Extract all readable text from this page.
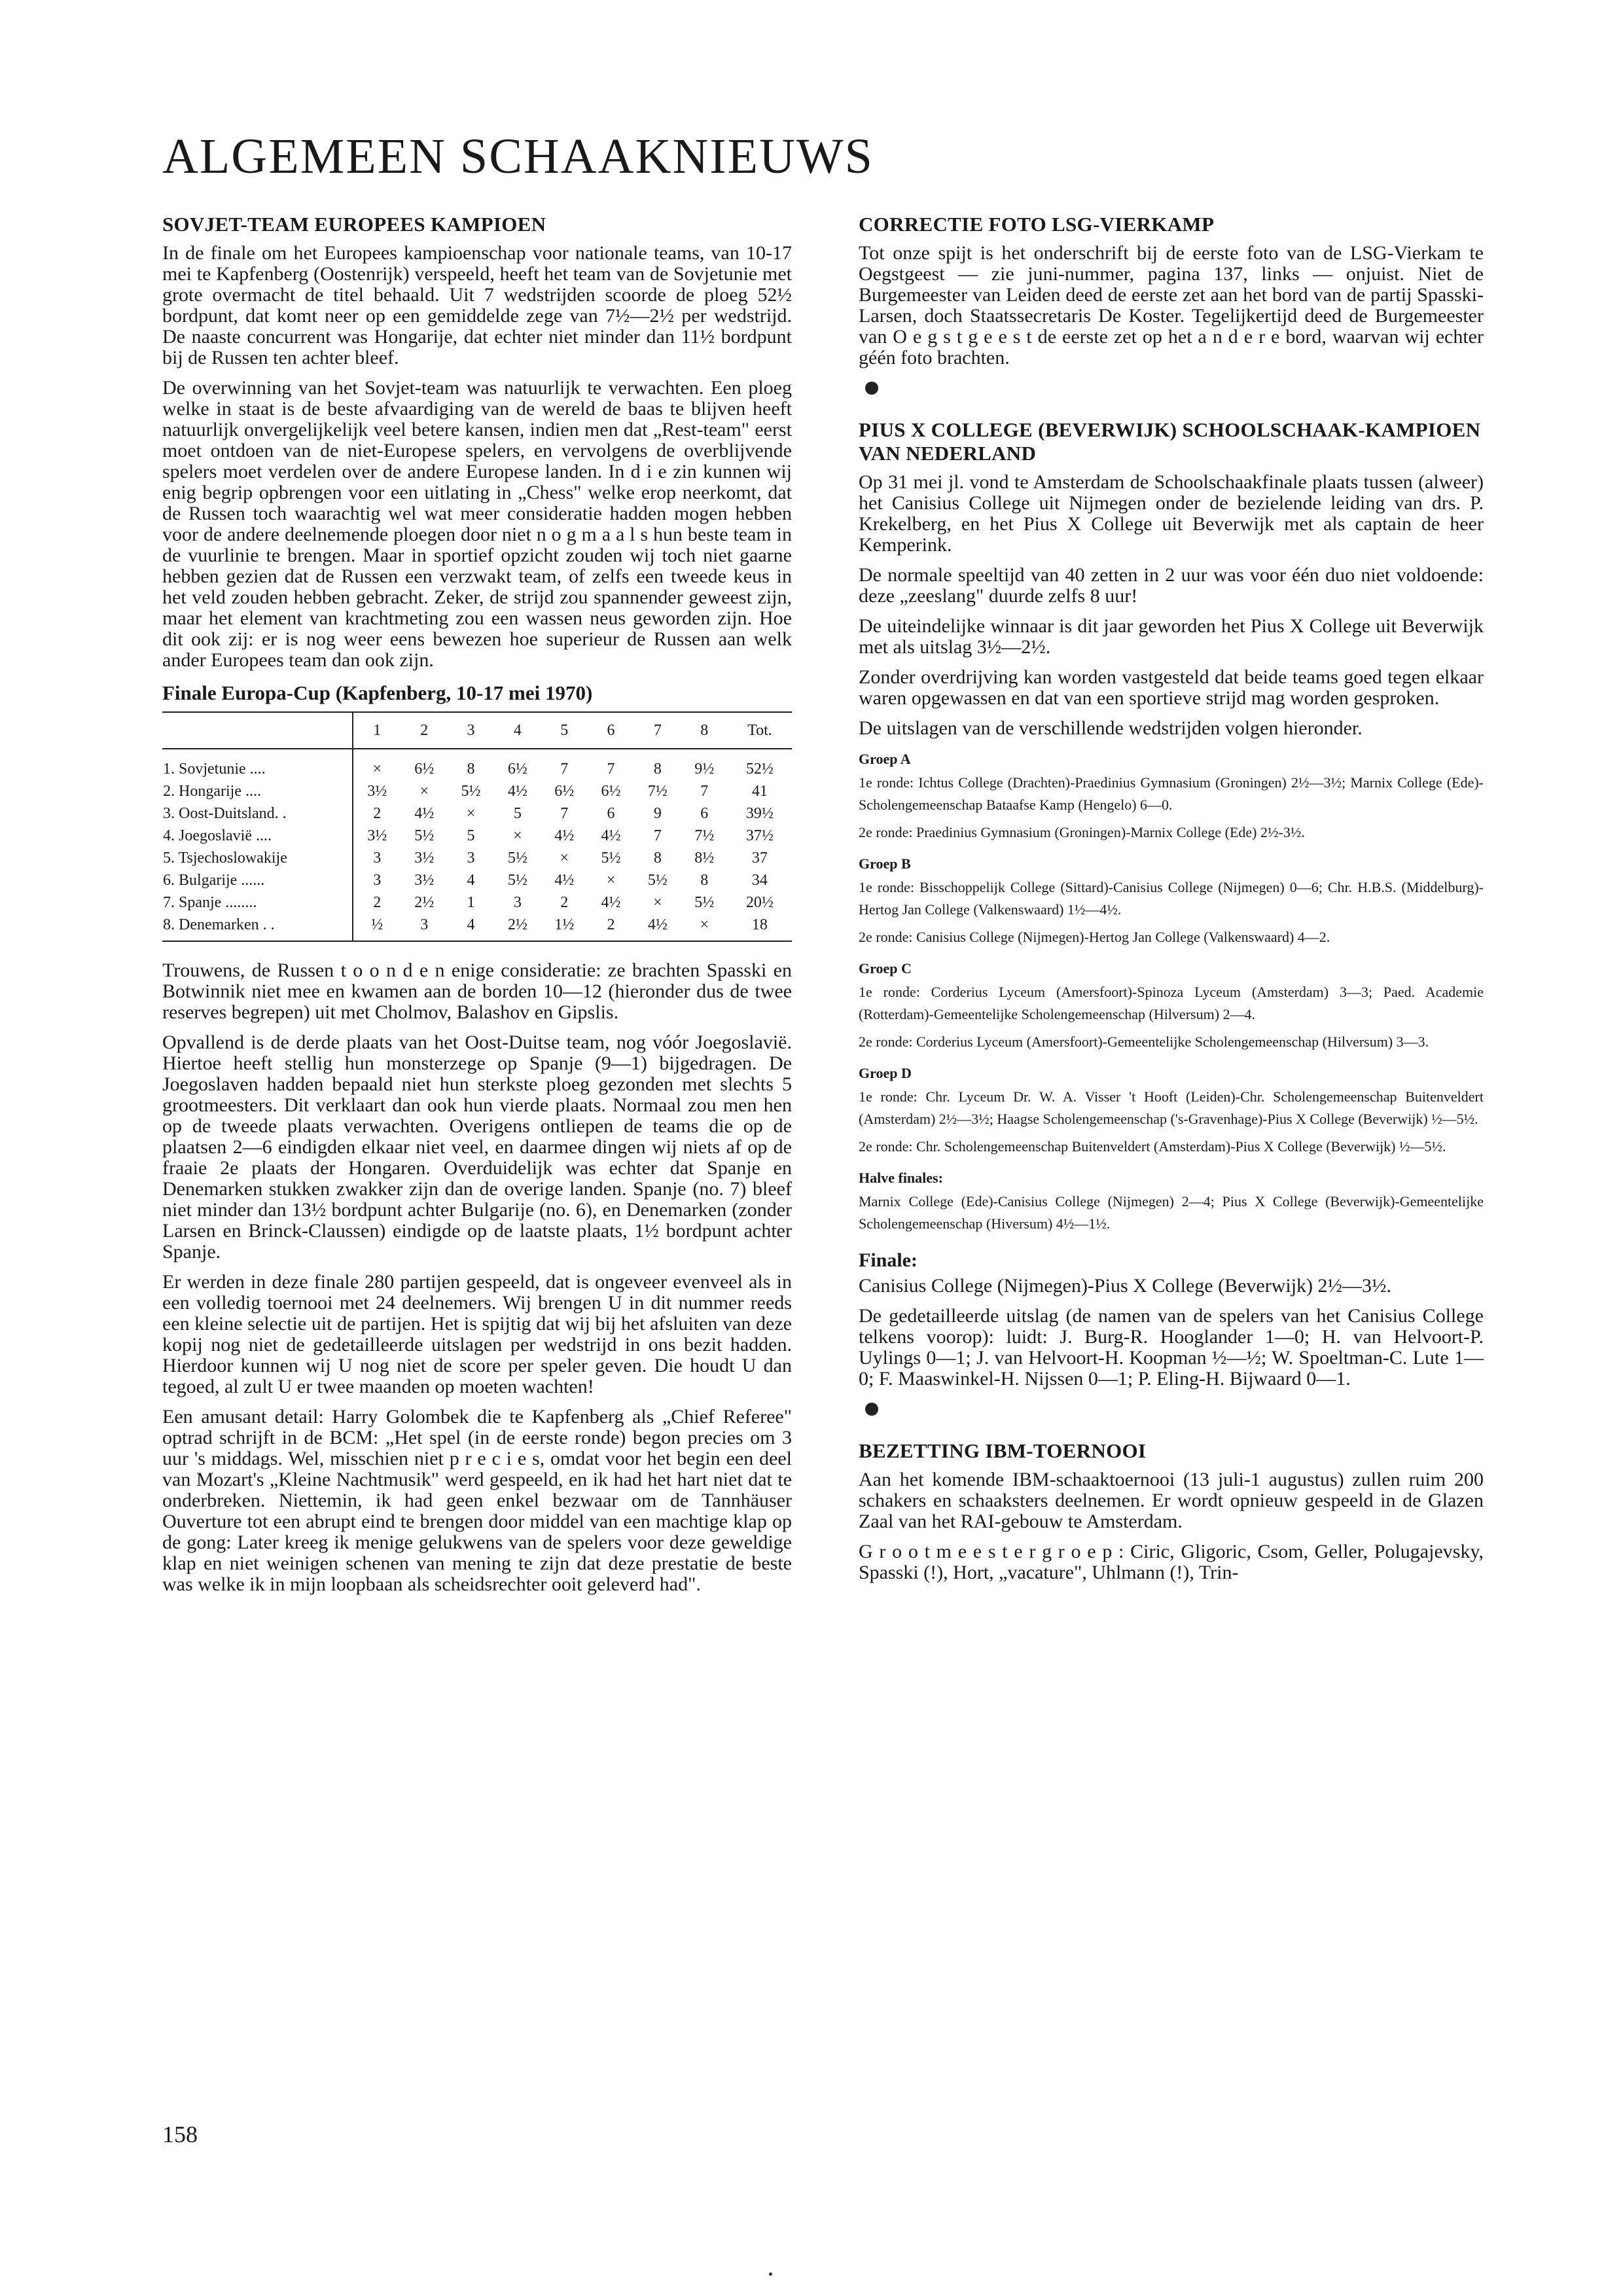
ALGEMEEN SCHAAKNIEUWS
SOVJET-TEAM EUROPEES KAMPIOEN

In de finale om het Europees kampioenschap voor nationale teams, van 10-17 mei te Kapfenberg (Oostenrijk) verspeeld, heeft het team van de Sovjetunie met grote overmacht de titel behaald. Uit 7 wedstrijden scoorde de ploeg 52½ bordpunt, dat komt neer op een gemiddelde zege van 7½—2½ per wedstrijd. De naaste concurrent was Hongarije, dat echter niet minder dan 11½ bordpunt bij de Russen ten achter bleef.

De overwinning van het Sovjet-team was natuurlijk te verwachten. Een ploeg welke in staat is de beste afvaardiging van de wereld de baas te blijven heeft natuurlijk onvergelijkelijk veel betere kansen, indien men dat „Rest-team" eerst moet ontdoen van de niet-Europese spelers, en vervolgens de overblijvende spelers moet verdelen over de andere Europese landen. In d i e zin kunnen wij enig begrip opbrengen voor een uitlating in „Chess" welke erop neerkomt, dat de Russen toch waarachtig wel wat meer consideratie hadden mogen hebben voor de andere deelnemende ploegen door niet n o g m a a l s hun beste team in de vuurlinie te brengen. Maar in sportief opzicht zouden wij toch niet gaarne hebben gezien dat de Russen een verzwakt team, of zelfs een tweede keus in het veld zouden hebben gebracht. Zeker, de strijd zou spannender geweest zijn, maar het element van krachtmeting zou een wassen neus geworden zijn. Hoe dit ook zij: er is nog weer eens bewezen hoe superieur de Russen aan welk ander Europees team dan ook zijn.

Finale Europa-Cup (Kapfenberg, 10-17 mei 1970)
	1	2	3	4	5	6	7	8	Tot.
1. Sovjetunie ....	×	6½	8	6½	7	7	8	9½	52½
2. Hongarije ....	3½	×	5½	4½	6½	6½	7½	7	41
3. Oost-Duitsland. .	2	4½	×	5	7	6	9	6	39½
4. Joegoslavië ....	3½	5½	5	×	4½	4½	7	7½	37½
5. Tsjechoslowakije	3	3½	3	5½	×	5½	8	8½	37
6. Bulgarije ......	3	3½	4	5½	4½	×	5½	8	34
7. Spanje ........	2	2½	1	3	2	4½	×	5½	20½
8. Denemarken . .	½	3	4	2½	1½	2	4½	×	18

Trouwens, de Russen t o o n d e n enige consideratie: ze brachten Spasski en Botwinnik niet mee en kwamen aan de borden 10—12 (hieronder dus de twee reserves begrepen) uit met Cholmov, Balashov en Gipslis.

Opvallend is de derde plaats van het Oost-Duitse team, nog vóór Joegoslavië. Hiertoe heeft stellig hun monsterzege op Spanje (9—1) bijgedragen. De Joegoslaven hadden bepaald niet hun sterkste ploeg gezonden met slechts 5 grootmeesters. Dit verklaart dan ook hun vierde plaats. Normaal zou men hen op de tweede plaats verwachten. Overigens ontliepen de teams die op de plaatsen 2—6 eindigden elkaar niet veel, en daarmee dingen wij niets af op de fraaie 2e plaats der Hongaren. Overduidelijk was echter dat Spanje en Denemarken stukken zwakker zijn dan de overige landen. Spanje (no. 7) bleef niet minder dan 13½ bordpunt achter Bulgarije (no. 6), en Denemarken (zonder Larsen en Brinck-Claussen) eindigde op de laatste plaats, 1½ bordpunt achter Spanje.

Er werden in deze finale 280 partijen gespeeld, dat is ongeveer evenveel als in een volledig toernooi met 24 deelnemers. Wij brengen U in dit nummer reeds een kleine selectie uit de partijen. Het is spijtig dat wij bij het afsluiten van deze kopij nog niet de gedetailleerde uitslagen per wedstrijd in ons bezit hadden. Hierdoor kunnen wij U nog niet de score per speler geven. Die houdt U dan tegoed, al zult U er twee maanden op moeten wachten!

Een amusant detail: Harry Golombek die te Kapfenberg als „Chief Referee" optrad schrijft in de BCM: „Het spel (in de eerste ronde) begon precies om 3 uur 's middags. Wel, misschien niet p r e c i e s, omdat voor het begin een deel van Mozart's „Kleine Nachtmusik" werd gespeeld, en ik had het hart niet dat te onderbreken. Niettemin, ik had geen enkel bezwaar om de Tannhäuser Ouverture tot een abrupt eind te brengen door middel van een machtige klap op de gong: Later kreeg ik menige gelukwens van de spelers voor deze geweldige klap en niet weinigen schenen van mening te zijn dat deze prestatie de beste was welke ik in mijn loopbaan als scheidsrechter ooit geleverd had".

CORRECTIE FOTO LSG-VIERKAMP

Tot onze spijt is het onderschrift bij de eerste foto van de LSG-Vierkam te Oegstgeest — zie juni-nummer, pagina 137, links — onjuist. Niet de Burgemeester van Leiden deed de eerste zet aan het bord van de partij Spasski-Larsen, doch Staatssecretaris De Koster. Tegelijkertijd deed de Burgemeester van O e g s t g e e s t de eerste zet op het a n d e r e bord, waarvan wij echter géén foto brachten.

PIUS X COLLEGE (BEVERWIJK) SCHOOLSCHAAK-KAMPIOEN VAN NEDERLAND

Op 31 mei jl. vond te Amsterdam de Schoolschaakfinale plaats tussen (alweer) het Canisius College uit Nijmegen onder de bezielende leiding van drs. P. Krekelberg, en het Pius X College uit Beverwijk met als captain de heer Kemperink.

De normale speeltijd van 40 zetten in 2 uur was voor één duo niet voldoende: deze „zeeslang" duurde zelfs 8 uur!

De uiteindelijke winnaar is dit jaar geworden het Pius X College uit Beverwijk met als uitslag 3½—2½.

Zonder overdrijving kan worden vastgesteld dat beide teams goed tegen elkaar waren opgewassen en dat van een sportieve strijd mag worden gesproken.

De uitslagen van de verschillende wedstrijden volgen hieronder.

Groep A

1e ronde: Ichtus College (Drachten)-Praedinius Gymnasium (Groningen) 2½—3½; Marnix College (Ede)-Scholengemeenschap Bataafse Kamp (Hengelo) 6—0.

2e ronde: Praedinius Gymnasium (Groningen)-Marnix College (Ede) 2½-3½.

Groep B

1e ronde: Bisschoppelijk College (Sittard)-Canisius College (Nijmegen) 0—6; Chr. H.B.S. (Middelburg)-Hertog Jan College (Valkenswaard) 1½—4½.

2e ronde: Canisius College (Nijmegen)-Hertog Jan College (Valkenswaard) 4—2.

Groep C

1e ronde: Corderius Lyceum (Amersfoort)-Spinoza Lyceum (Amsterdam) 3—3; Paed. Academie (Rotterdam)-Gemeentelijke Scholengemeenschap (Hilversum) 2—4.

2e ronde: Corderius Lyceum (Amersfoort)-Gemeentelijke Scholengemeenschap (Hilversum) 3—3.

Groep D

1e ronde: Chr. Lyceum Dr. W. A. Visser 't Hooft (Leiden)-Chr. Scholengemeenschap Buitenveldert (Amsterdam) 2½—3½; Haagse Scholengemeenschap ('s-Gravenhage)-Pius X College (Beverwijk) ½—5½.

2e ronde: Chr. Scholengemeenschap Buitenveldert (Amsterdam)-Pius X College (Beverwijk) ½—5½.

Halve finales:

Marnix College (Ede)-Canisius College (Nijmegen) 2—4; Pius X College (Beverwijk)-Gemeentelijke Scholengemeenschap (Hiversum) 4½—1½.

Finale:

Canisius College (Nijmegen)-Pius X College (Beverwijk) 2½—3½.

De gedetailleerde uitslag (de namen van de spelers van het Canisius College telkens voorop): luidt: J. Burg-R. Hooglander 1—0; H. van Helvoort-P. Uylings 0—1; J. van Helvoort-H. Koopman ½—½; W. Spoeltman-C. Lute 1—0; F. Maaswinkel-H. Nijssen 0—1; P. Eling-H. Bijwaard 0—1.

BEZETTING IBM-TOERNOOI

Aan het komende IBM-schaaktoernooi (13 juli-1 augustus) zullen ruim 200 schakers en schaaksters deelnemen. Er wordt opnieuw gespeeld in de Glazen Zaal van het RAI-gebouw te Amsterdam.

G r o o t m e e s t e r g r o e p : Ciric, Gligoric, Csom, Geller, Polugajevsky, Spasski (!), Hort, „vacature", Uhlmann (!), Trin-

158
